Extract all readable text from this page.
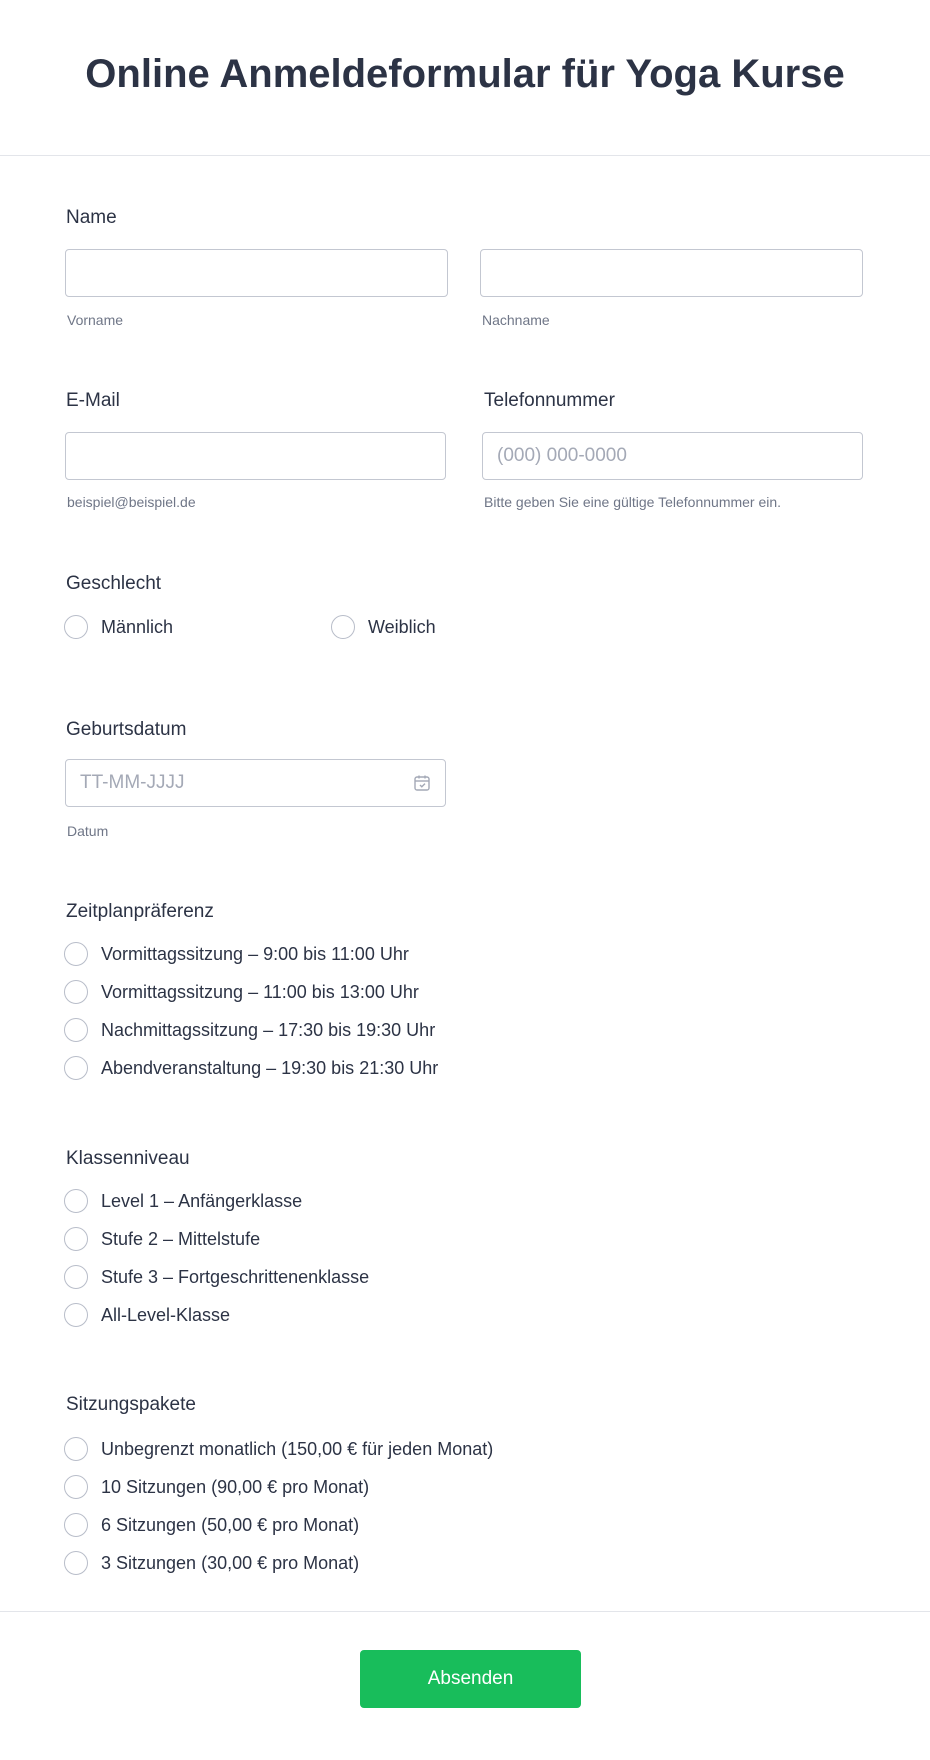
Online Anmeldeformular für Yoga Kurse
Name
Vorname	Nachname
E-Mail
beispiel@beispiel.de
Telefonnummer
(000) 000-0000
Bitte geben Sie eine gültige Telefonnummer ein.
Geschlecht
Männlich	Weiblich
Geburtsdatum
TT-MM-JJJJ
Datum
Zeitplanpräferenz
Vormittagssitzung – 9:00 bis 11:00 Uhr
Vormittagssitzung – 11:00 bis 13:00 Uhr
Nachmittagssitzung – 17:30 bis 19:30 Uhr
Abendveranstaltung – 19:30 bis 21:30 Uhr
Klassenniveau
Level 1 – Anfängerklasse
Stufe 2 – Mittelstufe
Stufe 3 – Fortgeschrittenenklasse
All-Level-Klasse
Sitzungspakete
Unbegrenzt monatlich (150,00 € für jeden Monat)
10 Sitzungen (90,00 € pro Monat)
6 Sitzungen (50,00 € pro Monat)
3 Sitzungen (30,00 € pro Monat)
Absenden
